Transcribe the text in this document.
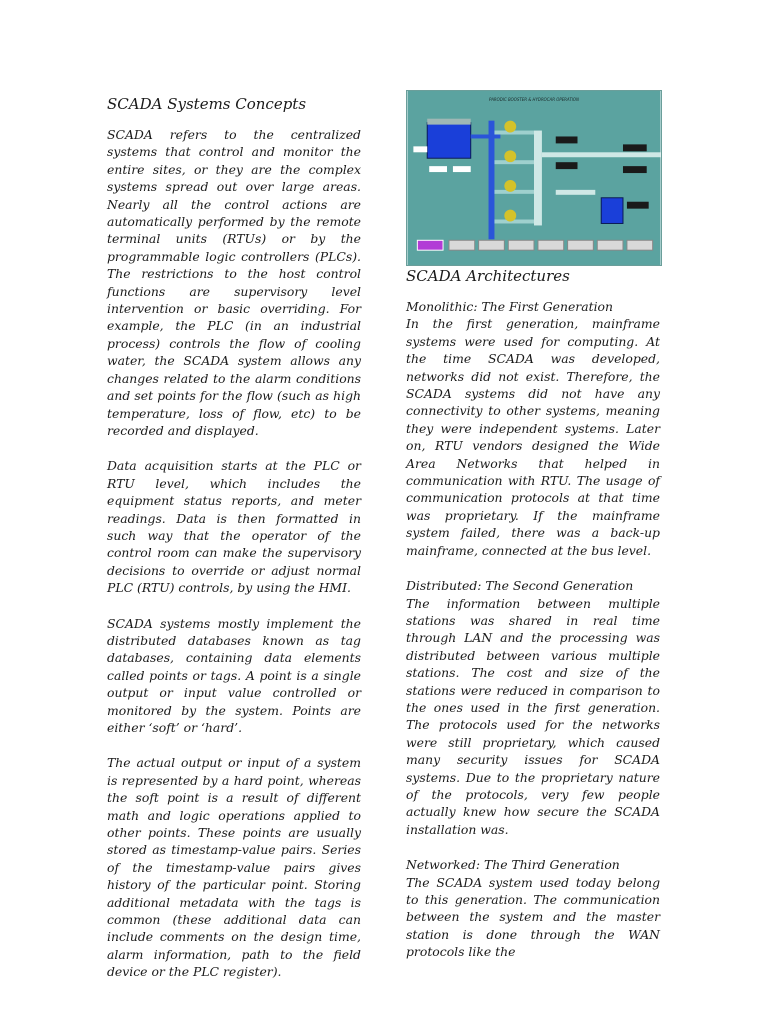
SCADA Systems Concepts

SCADA refers to the centralized systems that control and monitor the entire sites, or they are the complex systems spread out over large areas. Nearly all the control actions are automatically performed by the remote terminal units (RTUs) or by the programmable logic controllers (PLCs). The restrictions to the host control functions are supervisory level intervention or basic overriding. For example, the PLC (in an industrial process) controls the flow of cooling water, the SCADA system allows any changes related to the alarm conditions and set points for the flow (such as high temperature, loss of flow, etc) to be recorded and displayed.

Data acquisition starts at the PLC or RTU level, which includes the equipment status reports, and meter readings. Data is then formatted in such way that the operator of the control room can make the supervisory decisions to override or adjust normal PLC (RTU) controls, by using the HMI.

SCADA systems mostly implement the distributed databases known as tag databases, containing data elements called points or tags. A point is a single output or input value controlled or monitored by the system. Points are either ‘soft’ or ‘hard’.

The actual output or input of a system is represented by a hard point, whereas the soft point is a result of different math and logic operations applied to other points. These points are usually stored as timestamp-value pairs. Series of the timestamp-value pairs gives history of the particular point. Storing additional metadata with the tags is common (these additional data can include comments on the design time, alarm information, path to the field device or the PLC register).

PARODIC BOOSTER & HYDROCAR OPERATION
SCADA Architectures

Monolithic: The First Generation

In the first generation, mainframe systems were used for computing. At the time SCADA was developed, networks did not exist. Therefore, the SCADA systems did not have any connectivity to other systems, meaning they were independent systems. Later on, RTU vendors designed the Wide Area Networks that helped in communication with RTU. The usage of communication protocols at that time was proprietary. If the mainframe system failed, there was a back-up mainframe, connected at the bus level.

Distributed: The Second Generation

The information between multiple stations was shared in real time through LAN and the processing was distributed between various multiple stations. The cost and size of the stations were reduced in comparison to the ones used in the first generation. The protocols used for the networks were still proprietary, which caused many security issues for SCADA systems. Due to the proprietary nature of the protocols, very few people actually knew how secure the SCADA installation was.

Networked: The Third Generation

The SCADA system used today belong to this generation. The communication between the system and the master station is done through the WAN protocols like the
